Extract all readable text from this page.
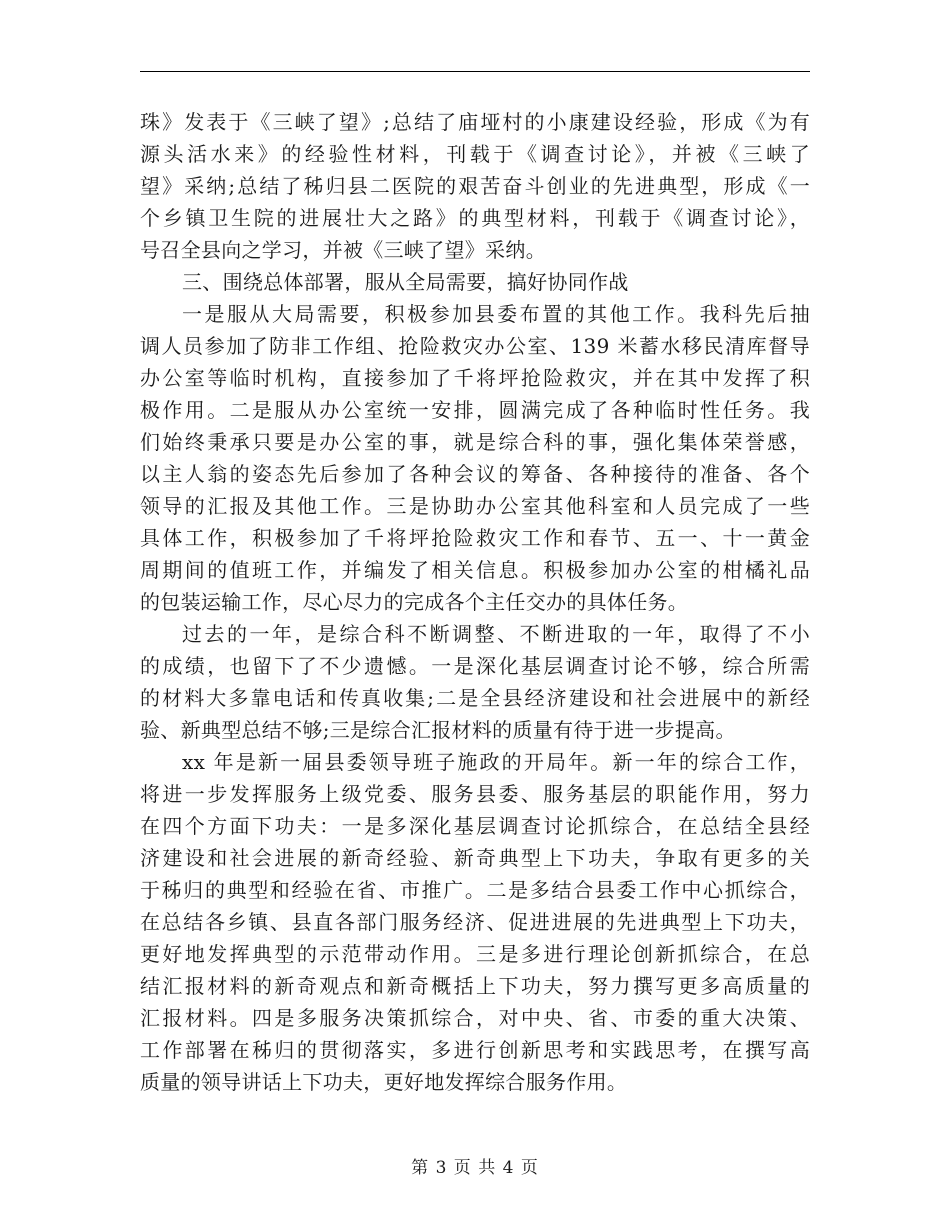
珠》发表于《三峡了望》;总结了庙垭村的小康建设经验，形成《为有
源头活水来》的经验性材料，刊载于《调查讨论》，并被《三峡了
望》采纳;总结了秭归县二医院的艰苦奋斗创业的先进典型，形成《一
个乡镇卫生院的进展壮大之路》的典型材料，刊载于《调查讨论》，
号召全县向之学习，并被《三峡了望》采纳。
三、围绕总体部署，服从全局需要，搞好协同作战
一是服从大局需要，积极参加县委布置的其他工作。我科先后抽
调人员参加了防非工作组、抢险救灾办公室、139 米蓄水移民清库督导
办公室等临时机构，直接参加了千将坪抢险救灾，并在其中发挥了积
极作用。二是服从办公室统一安排，圆满完成了各种临时性任务。我
们始终秉承只要是办公室的事，就是综合科的事，强化集体荣誉感，
以主人翁的姿态先后参加了各种会议的筹备、各种接待的准备、各个
领导的汇报及其他工作。三是协助办公室其他科室和人员完成了一些
具体工作，积极参加了千将坪抢险救灾工作和春节、五一、十一黄金
周期间的值班工作，并编发了相关信息。积极参加办公室的柑橘礼品
的包装运输工作，尽心尽力的完成各个主任交办的具体任务。
过去的一年，是综合科不断调整、不断进取的一年，取得了不小
的成绩，也留下了不少遗憾。一是深化基层调查讨论不够，综合所需
的材料大多靠电话和传真收集;二是全县经济建设和社会进展中的新经
验、新典型总结不够;三是综合汇报材料的质量有待于进一步提高。
xx 年是新一届县委领导班子施政的开局年。新一年的综合工作，
将进一步发挥服务上级党委、服务县委、服务基层的职能作用，努力
在四个方面下功夫：一是多深化基层调查讨论抓综合，在总结全县经
济建设和社会进展的新奇经验、新奇典型上下功夫，争取有更多的关
于秭归的典型和经验在省、市推广。二是多结合县委工作中心抓综合，
在总结各乡镇、县直各部门服务经济、促进进展的先进典型上下功夫，
更好地发挥典型的示范带动作用。三是多进行理论创新抓综合，在总
结汇报材料的新奇观点和新奇概括上下功夫，努力撰写更多高质量的
汇报材料。四是多服务决策抓综合，对中央、省、市委的重大决策、
工作部署在秭归的贯彻落实，多进行创新思考和实践思考，在撰写高
质量的领导讲话上下功夫，更好地发挥综合服务作用。
第 3 页 共 4 页
